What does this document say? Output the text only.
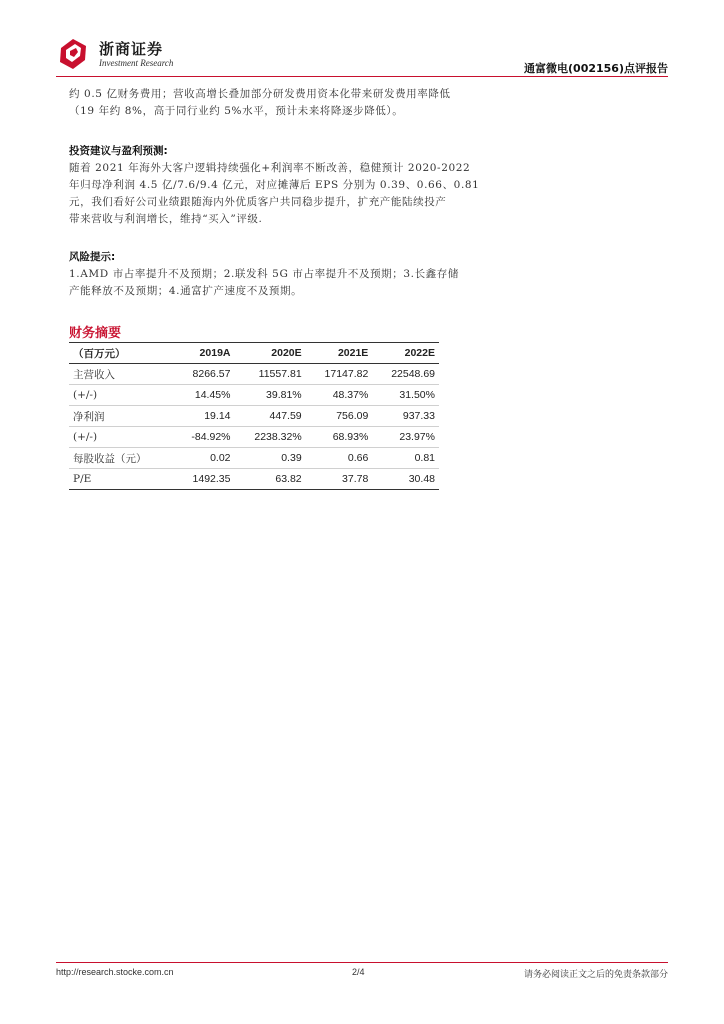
浙商证券
Investment Research	通富微电(002156)点评报告

约 0.5 亿财务费用；营收高增长叠加部分研发费用资本化带来研发费用率降低

（19 年约 8%，高于同行业约 5%水平，预计未来将降逐步降低）。

投资建议与盈利预测:

随着 2021 年海外大客户逻辑持续强化+利润率不断改善，稳健预计 2020-2022

年归母净利润 4.5 亿/7.6/9.4 亿元，对应摊薄后 EPS 分别为 0.39、0.66、0.81

元，我们看好公司业绩跟随海内外优质客户共同稳步提升，扩充产能陆续投产

带来营收与利润增长，维持“买入”评级.

风险提示:

1.AMD 市占率提升不及预期；2.联发科 5G 市占率提升不及预期；3.长鑫存储

产能释放不及预期；4.通富扩产速度不及预期。

财务摘要
（百万元）	2019A	2020E	2021E	2022E
主营收入	8266.57	11557.81	17147.82	22548.69
(+/-)	14.45%	39.81%	48.37%	31.50%
净利润	19.14	447.59	756.09	937.33
(+/-)	-84.92%	2238.32%	68.93%	23.97%
每股收益（元）	0.02	0.39	0.66	0.81
P/E	1492.35	63.82	37.78	30.48
http://research.stocke.com.cn	2/4	请务必阅读正文之后的免责条款部分
